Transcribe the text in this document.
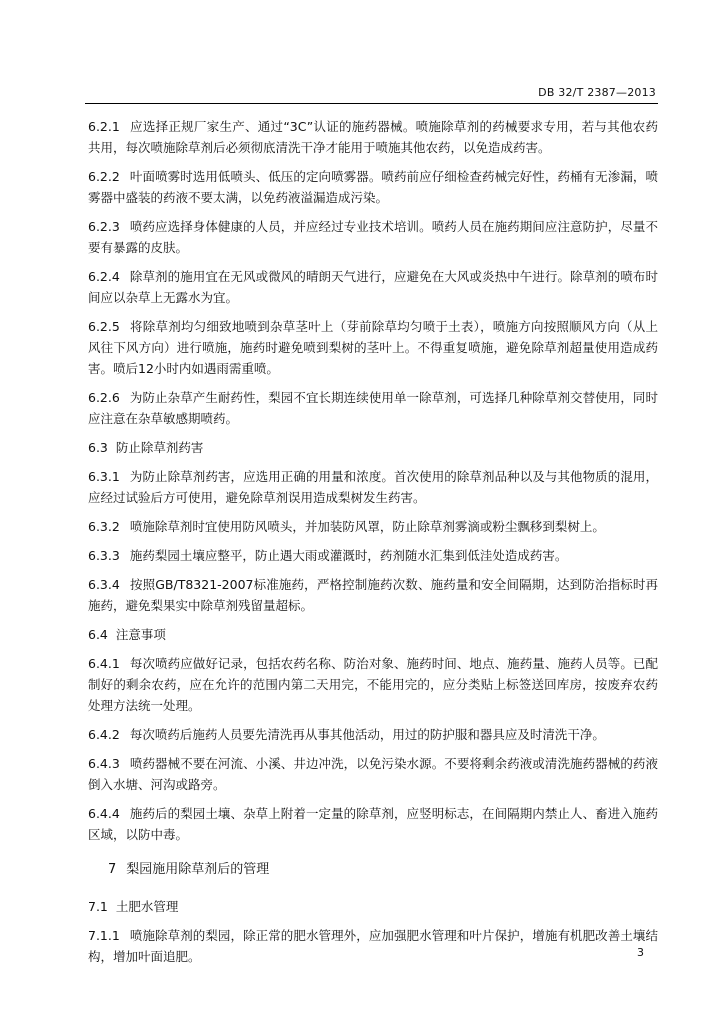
DB 32/T 2387—2013

6.2.1 应选择正规厂家生产、通过“3C”认证的施药器械。喷施除草剂的药械要求专用，若与其他农药共用，每次喷施除草剂后必须彻底清洗干净才能用于喷施其他农药，以免造成药害。

6.2.2 叶面喷雾时选用低喷头、低压的定向喷雾器。喷药前应仔细检查药械完好性，药桶有无渗漏，喷雾器中盛装的药液不要太满，以免药液溢漏造成污染。

6.2.3 喷药应选择身体健康的人员，并应经过专业技术培训。喷药人员在施药期间应注意防护，尽量不要有暴露的皮肤。

6.2.4 除草剂的施用宜在无风或微风的晴朗天气进行，应避免在大风或炎热中午进行。除草剂的喷布时间应以杂草上无露水为宜。

6.2.5 将除草剂均匀细致地喷到杂草茎叶上（芽前除草均匀喷于土表），喷施方向按照顺风方向（从上风往下风方向）进行喷施，施药时避免喷到梨树的茎叶上。不得重复喷施，避免除草剂超量使用造成药害。喷后12小时内如遇雨需重喷。

6.2.6 为防止杂草产生耐药性，梨园不宜长期连续使用单一除草剂，可选择几种除草剂交替使用，同时应注意在杂草敏感期喷药。

6.3 防止除草剂药害

6.3.1 为防止除草剂药害，应选用正确的用量和浓度。首次使用的除草剂品种以及与其他物质的混用，应经过试验后方可使用，避免除草剂误用造成梨树发生药害。

6.3.2 喷施除草剂时宜使用防风喷头，并加装防风罩，防止除草剂雾滴或粉尘飘移到梨树上。

6.3.3 施药梨园土壤应整平，防止遇大雨或灌溉时，药剂随水汇集到低洼处造成药害。

6.3.4 按照GB/T8321-2007标准施药，严格控制施药次数、施药量和安全间隔期，达到防治指标时再施药，避免梨果实中除草剂残留量超标。

6.4 注意事项

6.4.1 每次喷药应做好记录，包括农药名称、防治对象、施药时间、地点、施药量、施药人员等。已配制好的剩余农药，应在允许的范围内第二天用完，不能用完的，应分类贴上标签送回库房，按废弃农药处理方法统一处理。

6.4.2 每次喷药后施药人员要先清洗再从事其他活动，用过的防护服和器具应及时清洗干净。

6.4.3 喷药器械不要在河流、小溪、井边冲洗，以免污染水源。不要将剩余药液或清洗施药器械的药液倒入水塘、河沟或路旁。

6.4.4 施药后的梨园土壤、杂草上附着一定量的除草剂，应竖明标志，在间隔期内禁止人、畜进入施药区域，以防中毒。

7 梨园施用除草剂后的管理
7.1 土肥水管理

7.1.1 喷施除草剂的梨园，除正常的肥水管理外，应加强肥水管理和叶片保护，增施有机肥改善土壤结构，增加叶面追肥。	3
